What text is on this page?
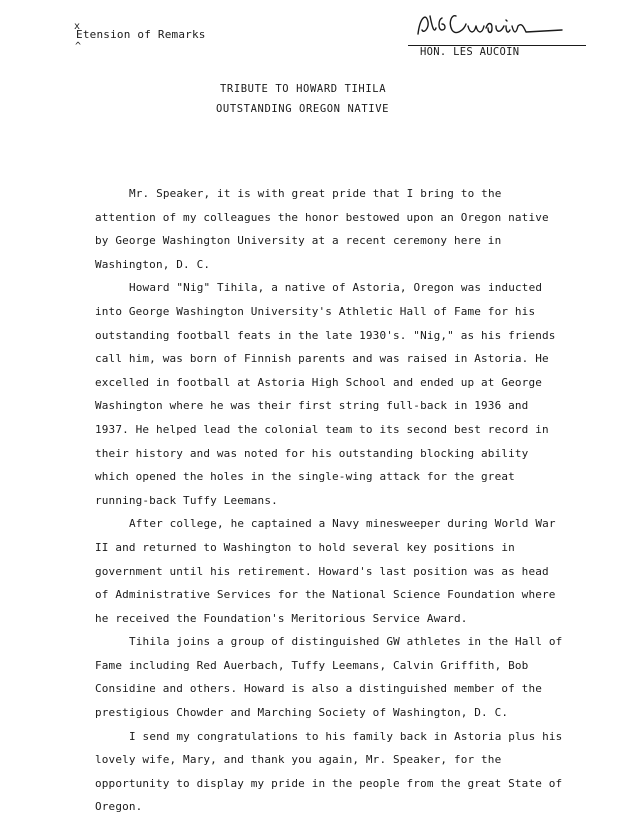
x
Etension of Remarks
^	HON. LES AUCOIN
TRIBUTE TO HOWARD TIHILA
OUTSTANDING OREGON NATIVE

Mr. Speaker, it is with great pride that I bring to the attention of my colleagues the honor bestowed upon an Oregon native by George Washington University at a recent ceremony here in Washington, D. C.

Howard "Nig" Tihila, a native of Astoria, Oregon was inducted into George Washington University's Athletic Hall of Fame for his outstanding football feats in the late 1930's. "Nig," as his friends call him, was born of Finnish parents and was raised in Astoria. He excelled in football at Astoria High School and ended up at George Washington where he was their first string full-back in 1936 and 1937. He helped lead the colonial team to its second best record in their history and was noted for his outstanding blocking ability which opened the holes in the single-wing attack for the great running-back Tuffy Leemans.

After college, he captained a Navy minesweeper during World War II and returned to Washington to hold several key positions in government until his retirement. Howard's last position was as head of Administrative Services for the National Science Foundation where he received the Foundation's Meritorious Service Award.

Tihila joins a group of distinguished GW athletes in the Hall of Fame including Red Auerbach, Tuffy Leemans, Calvin Griffith, Bob Considine and others. Howard is also a distinguished member of the prestigious Chowder and Marching Society of Washington, D. C.

I send my congratulations to his family back in Astoria plus his lovely wife, Mary, and thank you again, Mr. Speaker, for the opportunity to display my pride in the people from the great State of Oregon.
